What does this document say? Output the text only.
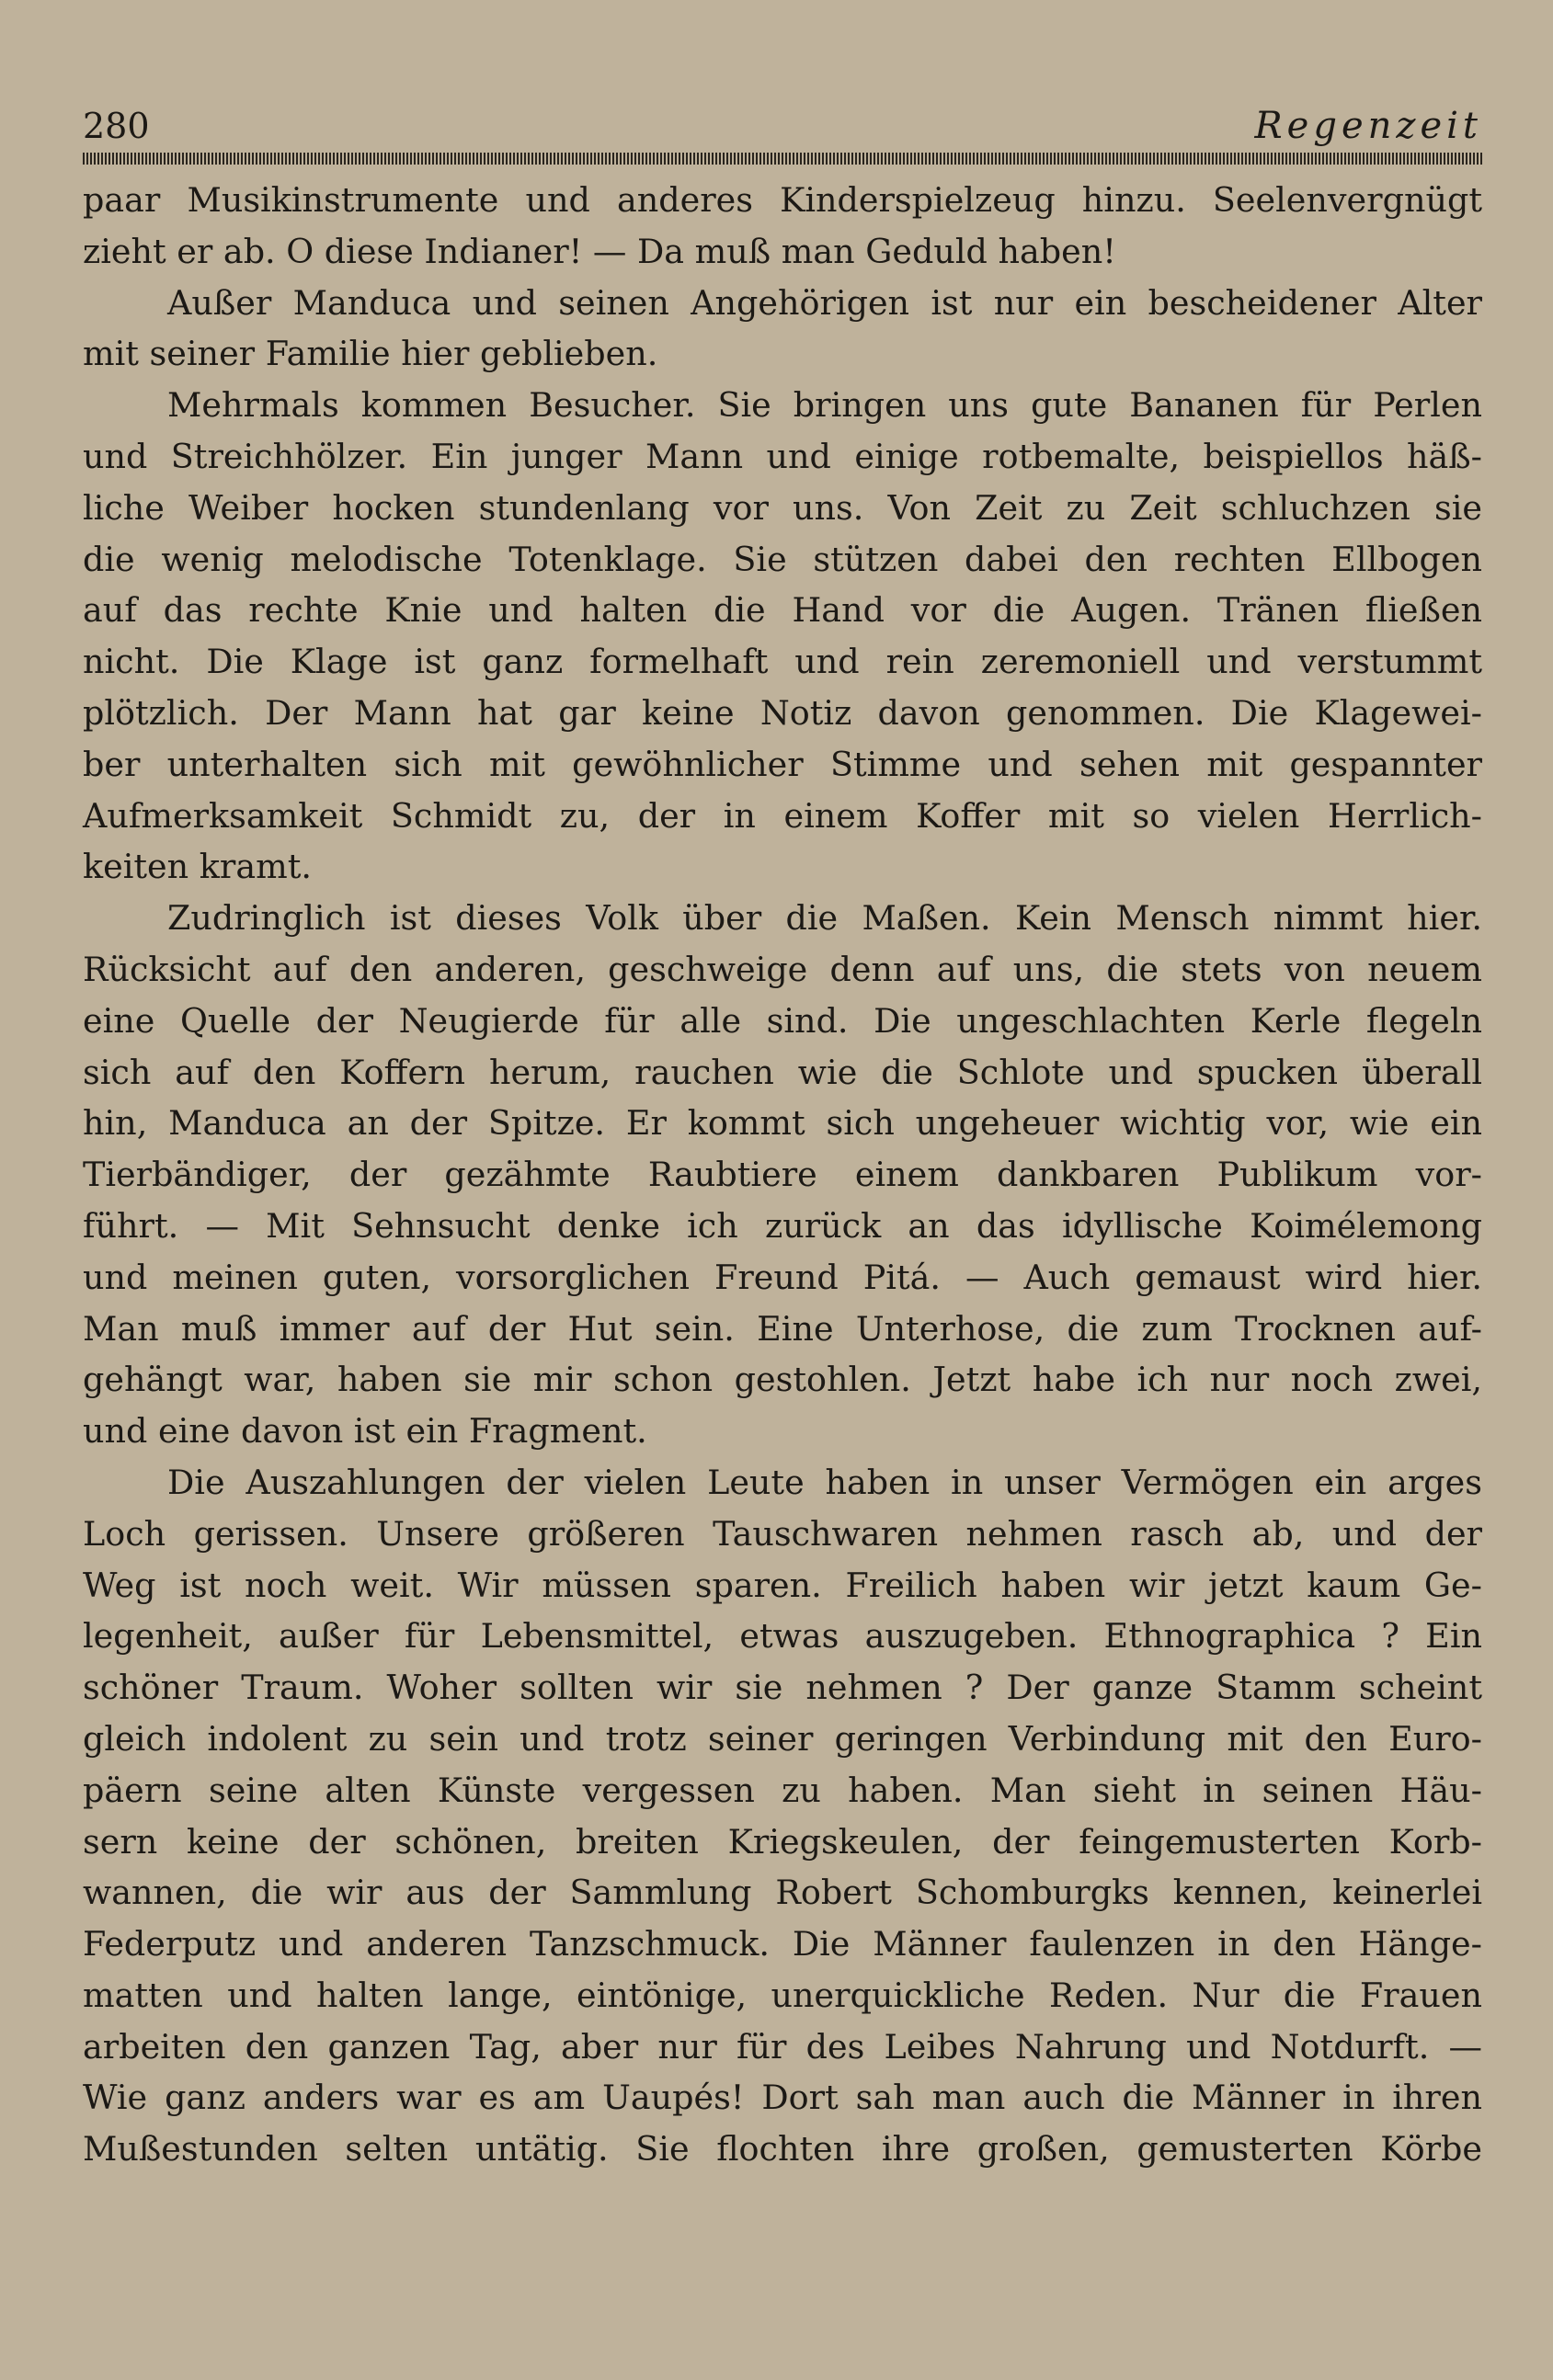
280	Regenzeit
paar Musikinstrumente und anderes Kinderspielzeug hinzu. Seelenvergnügt
zieht er ab. O diese Indianer! — Da muß man Geduld haben!
Außer Manduca und seinen Angehörigen ist nur ein bescheidener Alter
mit seiner Familie hier geblieben.
Mehrmals kommen Besucher. Sie bringen uns gute Bananen für Perlen
und Streichhölzer. Ein junger Mann und einige rotbemalte, beispiellos häß-
liche Weiber hocken stundenlang vor uns. Von Zeit zu Zeit schluchzen sie
die wenig melodische Totenklage. Sie stützen dabei den rechten Ellbogen
auf das rechte Knie und halten die Hand vor die Augen. Tränen fließen
nicht. Die Klage ist ganz formelhaft und rein zeremoniell und verstummt
plötzlich. Der Mann hat gar keine Notiz davon genommen. Die Klagewei-
ber unterhalten sich mit gewöhnlicher Stimme und sehen mit gespannter
Aufmerksamkeit Schmidt zu, der in einem Koffer mit so vielen Herrlich-
keiten kramt.
Zudringlich ist dieses Volk über die Maßen. Kein Mensch nimmt hier.
Rücksicht auf den anderen, geschweige denn auf uns, die stets von neuem
eine Quelle der Neugierde für alle sind. Die ungeschlachten Kerle flegeln
sich auf den Koffern herum, rauchen wie die Schlote und spucken überall
hin, Manduca an der Spitze. Er kommt sich ungeheuer wichtig vor, wie ein
Tierbändiger, der gezähmte Raubtiere einem dankbaren Publikum vor-
führt. — Mit Sehnsucht denke ich zurück an das idyllische Koimélemong
und meinen guten, vorsorglichen Freund Pitá. — Auch gemaust wird hier.
Man muß immer auf der Hut sein. Eine Unterhose, die zum Trocknen auf-
gehängt war, haben sie mir schon gestohlen. Jetzt habe ich nur noch zwei,
und eine davon ist ein Fragment.
Die Auszahlungen der vielen Leute haben in unser Vermögen ein arges
Loch gerissen. Unsere größeren Tauschwaren nehmen rasch ab, und der
Weg ist noch weit. Wir müssen sparen. Freilich haben wir jetzt kaum Ge-
legenheit, außer für Lebensmittel, etwas auszugeben. Ethnographica ? Ein
schöner Traum. Woher sollten wir sie nehmen ? Der ganze Stamm scheint
gleich indolent zu sein und trotz seiner geringen Verbindung mit den Euro-
päern seine alten Künste vergessen zu haben. Man sieht in seinen Häu-
sern keine der schönen, breiten Kriegskeulen, der feingemusterten Korb-
wannen, die wir aus der Sammlung Robert Schomburgks kennen, keinerlei
Federputz und anderen Tanzschmuck. Die Männer faulenzen in den Hänge-
matten und halten lange, eintönige, unerquickliche Reden. Nur die Frauen
arbeiten den ganzen Tag, aber nur für des Leibes Nahrung und Notdurft. —
Wie ganz anders war es am Uaupés! Dort sah man auch die Männer in ihren
Mußestunden selten untätig. Sie flochten ihre großen, gemusterten Körbe
